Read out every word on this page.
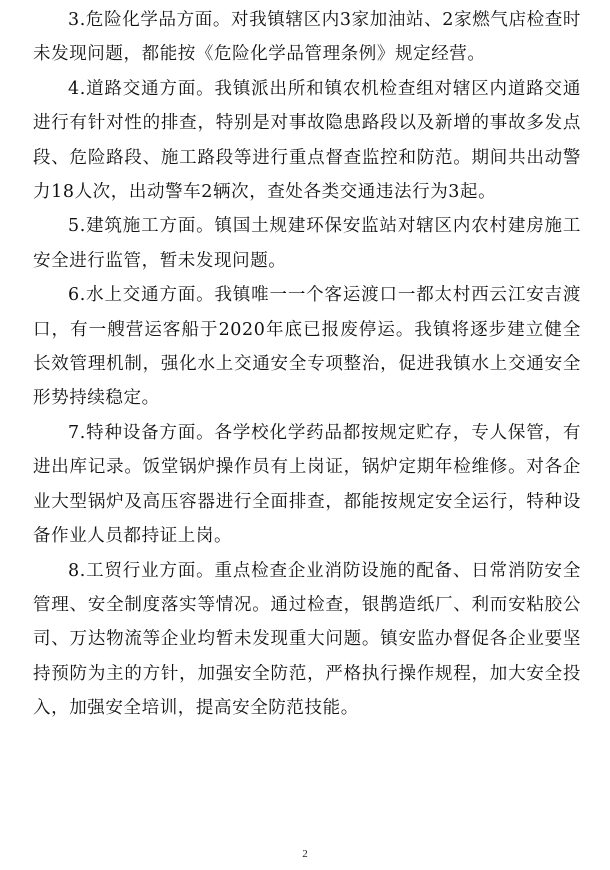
3.危险化学品方面。对我镇辖区内3家加油站、2家燃气店检查时未发现问题，都能按《危险化学品管理条例》规定经营。

4.道路交通方面。我镇派出所和镇农机检查组对辖区内道路交通进行有针对性的排查，特别是对事故隐患路段以及新增的事故多发点段、危险路段、施工路段等进行重点督查监控和防范。期间共出动警力18人次，出动警车2辆次，查处各类交通违法行为3起。

5.建筑施工方面。镇国土规建环保安监站对辖区内农村建房施工安全进行监管，暂未发现问题。

6.水上交通方面。我镇唯一一个客运渡口一都太村西云江安吉渡口，有一艘营运客船于2020年底已报废停运。我镇将逐步建立健全长效管理机制，强化水上交通安全专项整治，促进我镇水上交通安全形势持续稳定。

7.特种设备方面。各学校化学药品都按规定贮存，专人保管，有进出库记录。饭堂锅炉操作员有上岗证，锅炉定期年检维修。对各企业大型锅炉及高压容器进行全面排查，都能按规定安全运行，特种设备作业人员都持证上岗。

8.工贸行业方面。重点检查企业消防设施的配备、日常消防安全管理、安全制度落实等情况。通过检查，银鹊造纸厂、利而安粘胶公司、万达物流等企业均暂未发现重大问题。镇安监办督促各企业要坚持预防为主的方针，加强安全防范，严格执行操作规程，加大安全投入，加强安全培训，提高安全防范技能。

2
